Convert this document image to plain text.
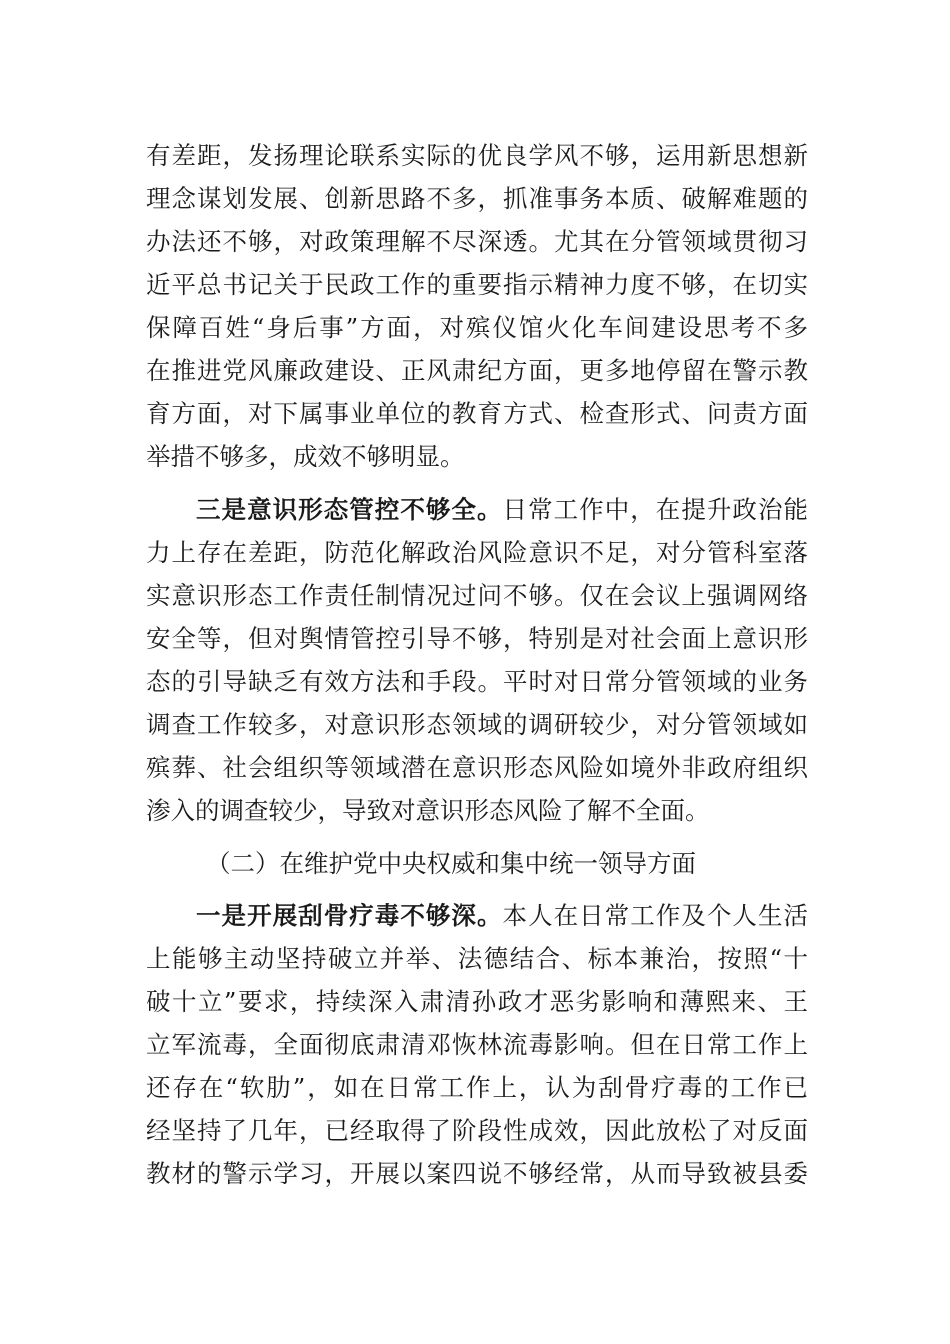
有差距，发扬理论联系实际的优良学风不够，运用新思想新
理念谋划发展、创新思路不多，抓准事务本质、破解难题的
办法还不够，对政策理解不尽深透。尤其在分管领域贯彻习
近平总书记关于民政工作的重要指示精神力度不够，在切实
保障百姓“身后事”方面，对殡仪馆火化车间建设思考不多
在推进党风廉政建设、正风肃纪方面，更多地停留在警示教
育方面，对下属事业单位的教育方式、检查形式、问责方面
举措不够多，成效不够明显。
三是意识形态管控不够全。日常工作中，在提升政治能
力上存在差距，防范化解政治风险意识不足，对分管科室落
实意识形态工作责任制情况过问不够。仅在会议上强调网络
安全等，但对舆情管控引导不够，特别是对社会面上意识形
态的引导缺乏有效方法和手段。平时对日常分管领域的业务
调查工作较多，对意识形态领域的调研较少，对分管领域如
殡葬、社会组织等领域潜在意识形态风险如境外非政府组织
渗入的调查较少，导致对意识形态风险了解不全面。
（二）在维护党中央权威和集中统一领导方面
一是开展刮骨疗毒不够深。本人在日常工作及个人生活
上能够主动坚持破立并举、法德结合、标本兼治，按照“十
破十立”要求，持续深入肃清孙政才恶劣影响和薄熙来、王
立军流毒，全面彻底肃清邓恢林流毒影响。但在日常工作上
还存在“软肋”，如在日常工作上，认为刮骨疗毒的工作已
经坚持了几年，已经取得了阶段性成效，因此放松了对反面
教材的警示学习，开展以案四说不够经常，从而导致被县委
